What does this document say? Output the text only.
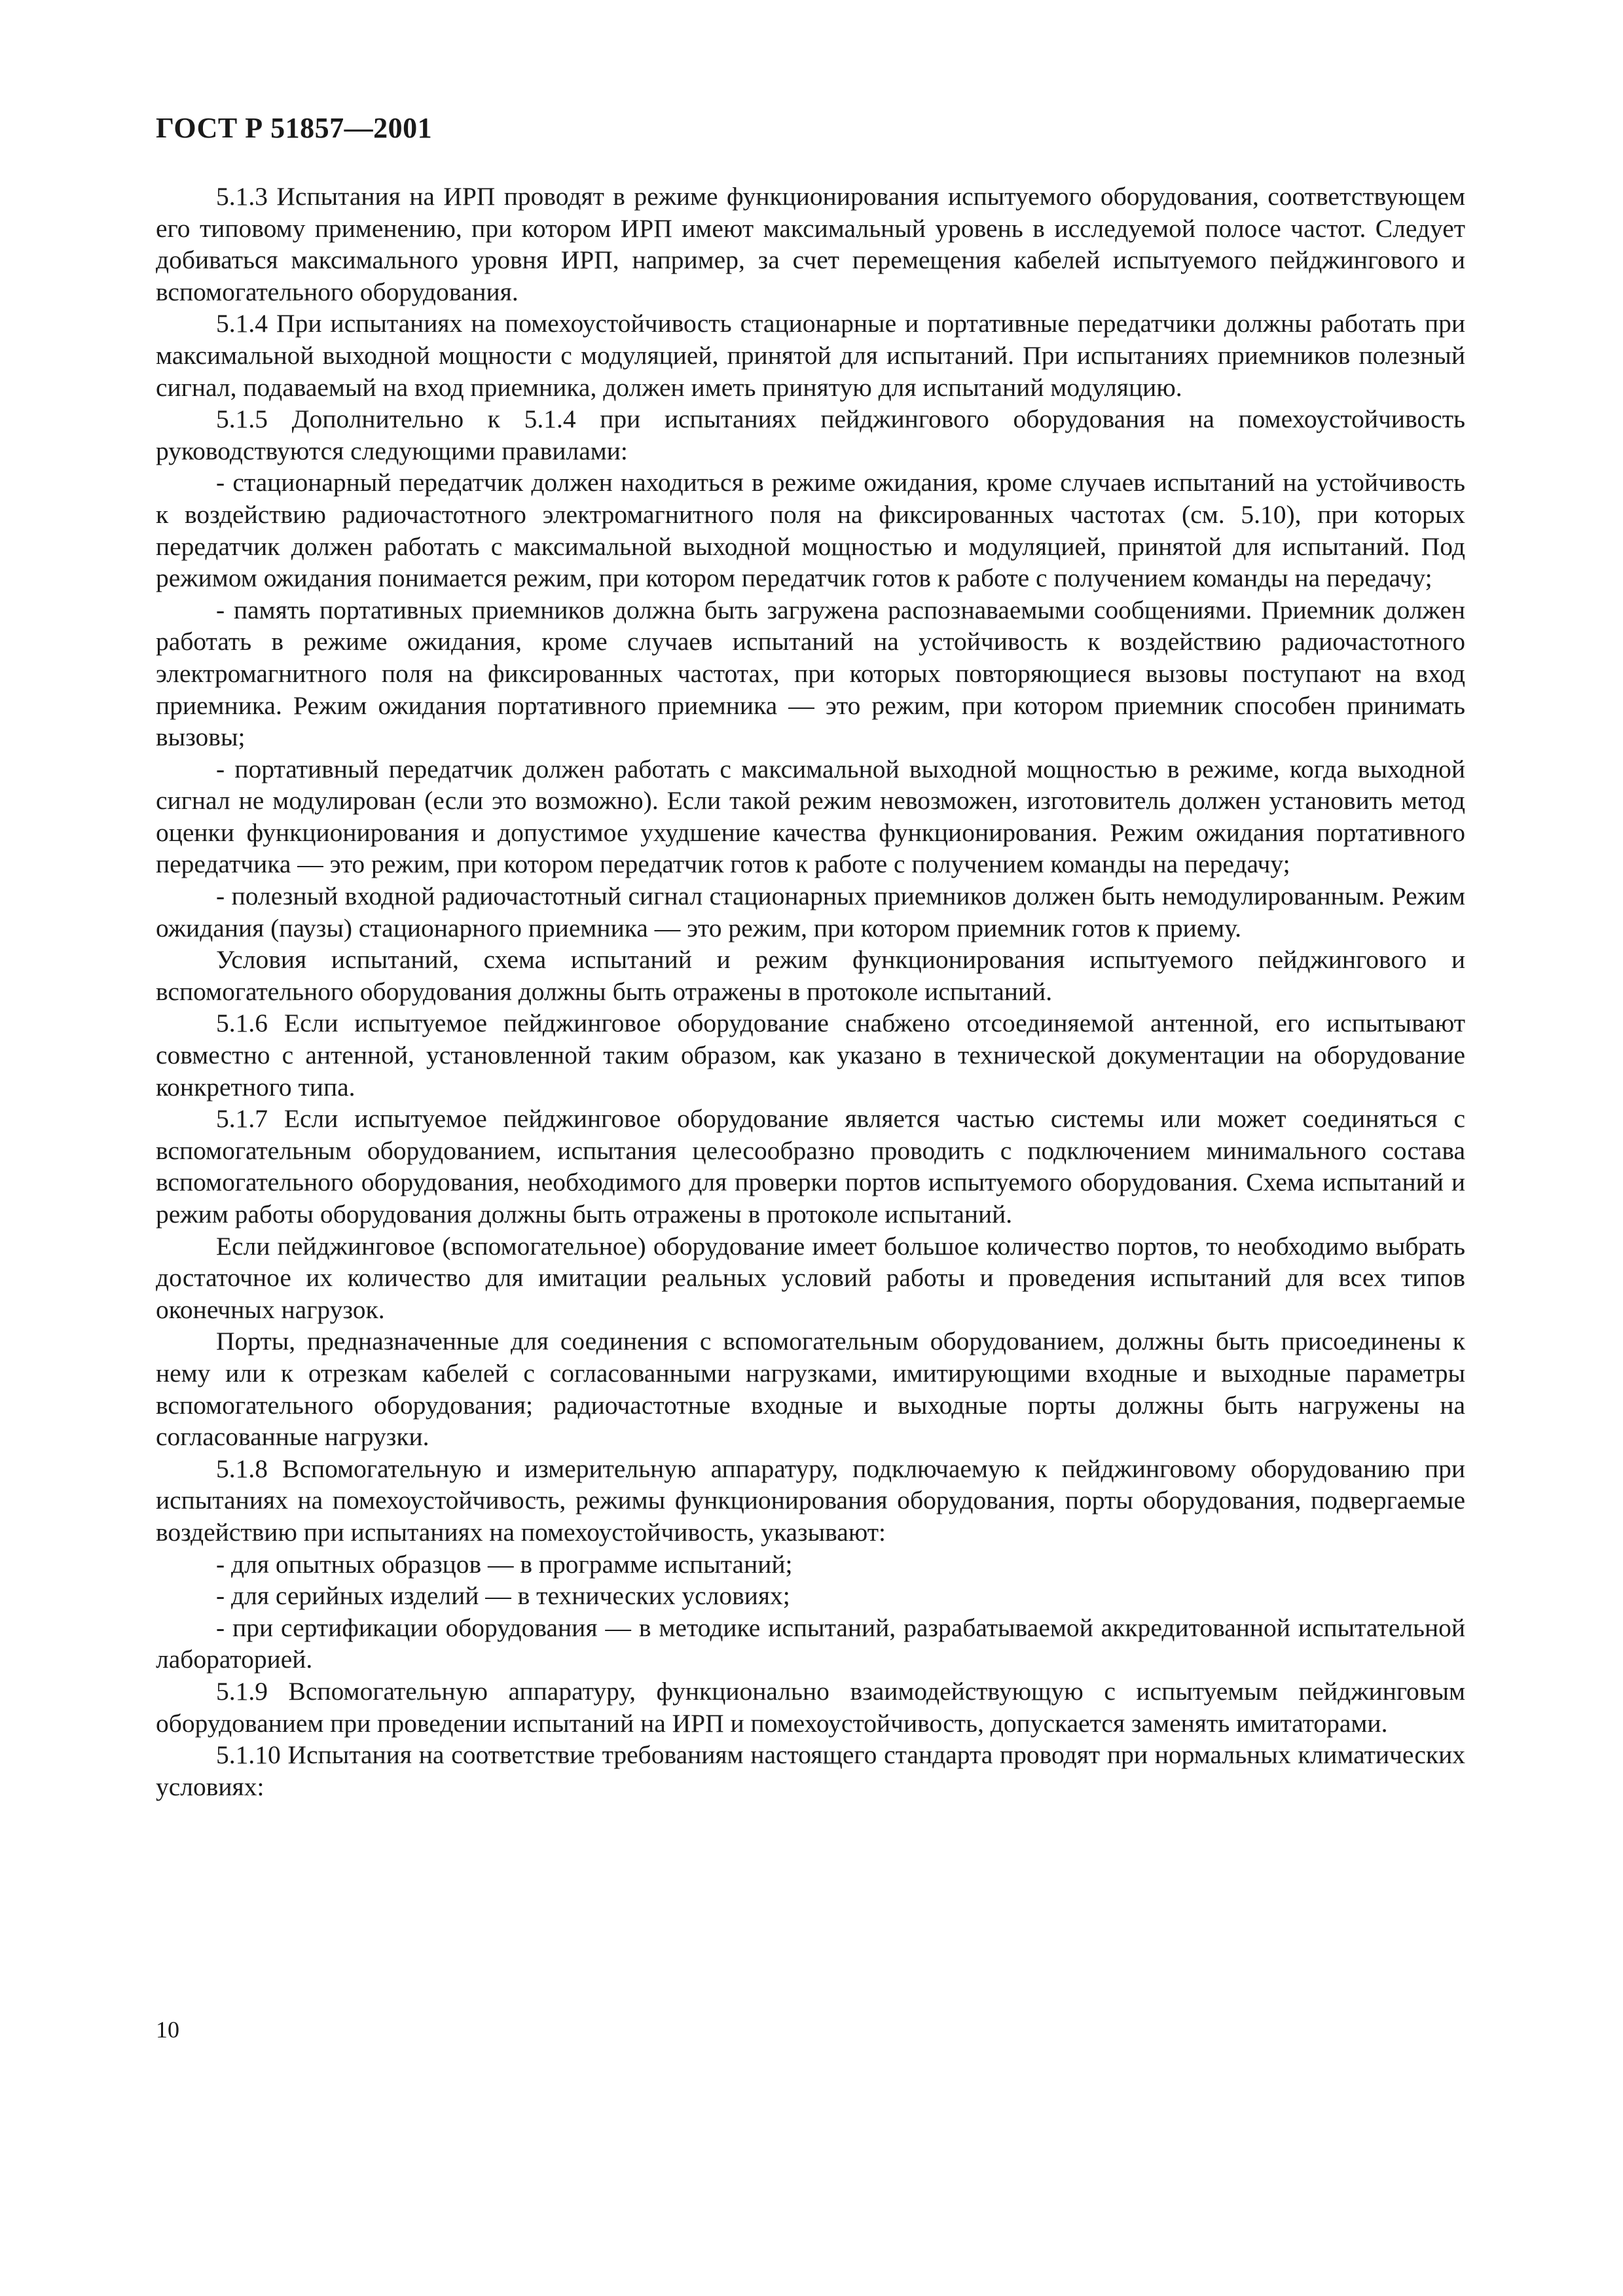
ГОСТ Р 51857—2001

5.1.3 Испытания на ИРП проводят в режиме функционирования испытуемого оборудования, соответствующем его типовому применению, при котором ИРП имеют максимальный уровень в исследуемой полосе частот. Следует добиваться максимального уровня ИРП, например, за счет перемещения кабелей испытуемого пейджингового и вспомогательного оборудования.

5.1.4 При испытаниях на помехоустойчивость стационарные и портативные передатчики должны работать при максимальной выходной мощности с модуляцией, принятой для испытаний. При испытаниях приемников полезный сигнал, подаваемый на вход приемника, должен иметь принятую для испытаний модуляцию.

5.1.5 Дополнительно к 5.1.4 при испытаниях пейджингового оборудования на помехоустойчивость руководствуются следующими правилами:

- стационарный передатчик должен находиться в режиме ожидания, кроме случаев испытаний на устойчивость к воздействию радиочастотного электромагнитного поля на фиксированных частотах (см. 5.10), при которых передатчик должен работать с максимальной выходной мощностью и модуляцией, принятой для испытаний. Под режимом ожидания понимается режим, при котором передатчик готов к работе с получением команды на передачу;

- память портативных приемников должна быть загружена распознаваемыми сообщениями. Приемник должен работать в режиме ожидания, кроме случаев испытаний на устойчивость к воздействию радиочастотного электромагнитного поля на фиксированных частотах, при которых повторяющиеся вызовы поступают на вход приемника. Режим ожидания портативного приемника — это режим, при котором приемник способен принимать вызовы;

- портативный передатчик должен работать с максимальной выходной мощностью в режиме, когда выходной сигнал не модулирован (если это возможно). Если такой режим невозможен, изготовитель должен установить метод оценки функционирования и допустимое ухудшение качества функционирования. Режим ожидания портативного передатчика — это режим, при котором передатчик готов к работе с получением команды на передачу;

- полезный входной радиочастотный сигнал стационарных приемников должен быть немодулированным. Режим ожидания (паузы) стационарного приемника — это режим, при котором приемник готов к приему.

Условия испытаний, схема испытаний и режим функционирования испытуемого пейджингового и вспомогательного оборудования должны быть отражены в протоколе испытаний.

5.1.6 Если испытуемое пейджинговое оборудование снабжено отсоединяемой антенной, его испытывают совместно с антенной, установленной таким образом, как указано в технической документации на оборудование конкретного типа.

5.1.7 Если испытуемое пейджинговое оборудование является частью системы или может соединяться с вспомогательным оборудованием, испытания целесообразно проводить с подключением минимального состава вспомогательного оборудования, необходимого для проверки портов испытуемого оборудования. Схема испытаний и режим работы оборудования должны быть отражены в протоколе испытаний.

Если пейджинговое (вспомогательное) оборудование имеет большое количество портов, то необходимо выбрать достаточное их количество для имитации реальных условий работы и проведения испытаний для всех типов оконечных нагрузок.

Порты, предназначенные для соединения с вспомогательным оборудованием, должны быть присоединены к нему или к отрезкам кабелей с согласованными нагрузками, имитирующими входные и выходные параметры вспомогательного оборудования; радиочастотные входные и выходные порты должны быть нагружены на согласованные нагрузки.

5.1.8 Вспомогательную и измерительную аппаратуру, подключаемую к пейджинговому оборудованию при испытаниях на помехоустойчивость, режимы функционирования оборудования, порты оборудования, подвергаемые воздействию при испытаниях на помехоустойчивость, указывают:

- для опытных образцов — в программе испытаний;

- для серийных изделий — в технических условиях;

- при сертификации оборудования — в методике испытаний, разрабатываемой аккредитованной испытательной лабораторией.

5.1.9 Вспомогательную аппаратуру, функционально взаимодействующую с испытуемым пейджинговым оборудованием при проведении испытаний на ИРП и помехоустойчивость, допускается заменять имитаторами.

5.1.10 Испытания на соответствие требованиям настоящего стандарта проводят при нормальных климатических условиях:

10
